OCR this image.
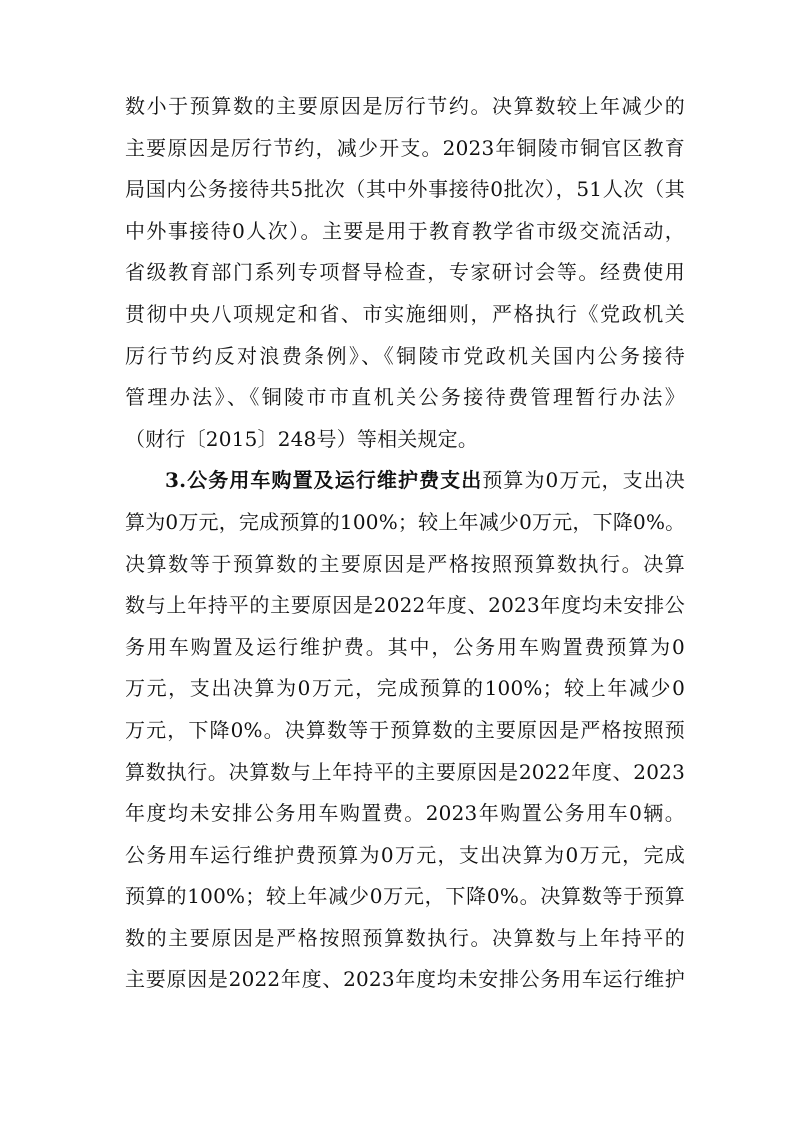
数小于预算数的主要原因是厉行节约。决算数较上年减少的
主要原因是厉行节约，减少开支。2023年铜陵市铜官区教育
局国内公务接待共5批次（其中外事接待0批次），51人次（其
中外事接待0人次）。主要是用于教育教学省市级交流活动，
省级教育部门系列专项督导检查，专家研讨会等。经费使用
贯彻中央八项规定和省、市实施细则，严格执行《党政机关
厉行节约反对浪费条例》、《铜陵市党政机关国内公务接待
管理办法》、《铜陵市市直机关公务接待费管理暂行办法》
（财行〔2015〕248号）等相关规定。
3.公务用车购置及运行维护费支出预算为0万元，支出决
算为0万元，完成预算的100%；较上年减少0万元，下降0%。
决算数等于预算数的主要原因是严格按照预算数执行。决算
数与上年持平的主要原因是2022年度、2023年度均未安排公
务用车购置及运行维护费。其中，公务用车购置费预算为0
万元，支出决算为0万元，完成预算的100%；较上年减少0
万元，下降0%。决算数等于预算数的主要原因是严格按照预
算数执行。决算数与上年持平的主要原因是2022年度、2023
年度均未安排公务用车购置费。2023年购置公务用车0辆。
公务用车运行维护费预算为0万元，支出决算为0万元，完成
预算的100%；较上年减少0万元，下降0%。决算数等于预算
数的主要原因是严格按照预算数执行。决算数与上年持平的
主要原因是2022年度、2023年度均未安排公务用车运行维护
